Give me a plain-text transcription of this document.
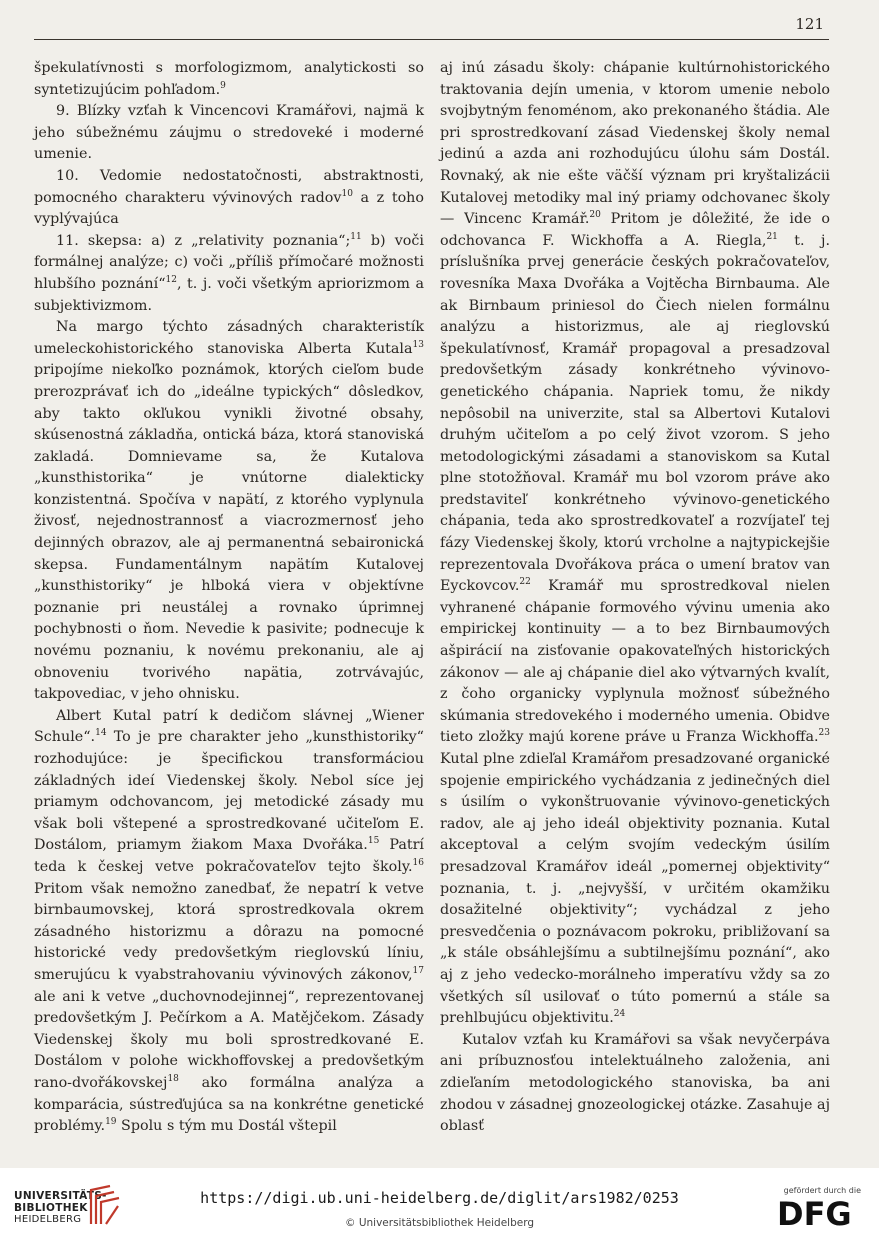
121

špekulatívnosti s morfologizmom, analytickosti so syntetizujúcim pohľadom.$^9$

9. Blízky vzťah k Vincencovi Kramářovi, najmä k jeho súbežnému záujmu o stredoveké i moderné umenie.

10. Vedomie nedostatočnosti, abstraktnosti, pomocného charakteru vývinových radov$^{10}$ a z toho vyplývajúca

11. skepsa: a) z „relativity poznania“;$^{11}$ b) voči formálnej analýze; c) voči „příliš přímočaré možnosti hlubšího poznání“$^{12}$, t. j. voči všetkým apriorizmom a subjektivizmom.

Na margo týchto zásadných charakteristík umeleckohistorického stanoviska Alberta Kutala$^{13}$ pripojíme niekoľko poznámok, ktorých cieľom bude prerozprávať ich do „ideálne typických“ dôsledkov, aby takto okľukou vynikli životné obsahy, skúsenostná základňa, ontická báza, ktorá stanoviská zakladá. Domnievame sa, že Kutalova „kunsthistorika“ je vnútorne dialekticky konzistentná. Spočíva v napätí, z ktorého vyplynula živosť, nejednostrannosť a viacrozmernosť jeho dejinných obrazov, ale aj permanentná sebaironická skepsa. Fundamentálnym napätím Kutalovej „kunsthistoriky“ je hlboká viera v objektívne poznanie pri neustálej a rovnako úprimnej pochybnosti o ňom. Nevedie k pasivite; podnecuje k novému poznaniu, k novému prekonaniu, ale aj obnoveniu tvorivého napätia, zotrvávajúc, takpovediac, v jeho ohnisku.

Albert Kutal patrí k dedičom slávnej „Wiener Schule“.$^{14}$ To je pre charakter jeho „kunsthistoriky“ rozhodujúce: je špecifickou transformáciou základných ideí Viedenskej školy. Nebol síce jej priamym odchovancom, jej metodické zásady mu však boli vštepené a sprostredkované učiteľom E. Dostálom, priamym žiakom Maxa Dvořáka.$^{15}$ Patrí teda k českej vetve pokračovateľov tejto školy.$^{16}$ Pritom však nemožno zanedbať, že nepatrí k vetve birnbaumovskej, ktorá sprostredkovala okrem zásadného historizmu a dôrazu na pomocné historické vedy predovšetkým rieglovskú líniu, smerujúcu k vyabstrahovaniu vývinových zákonov,$^{17}$ ale ani k vetve „duchovnodejinnej“, reprezentovanej predovšetkým J. Pečírkom a A. Matějčekom. Zásady Viedenskej školy mu boli sprostredkované E. Dostálom v polohe wickhoffovskej a predovšetkým rano-dvořákovskej$^{18}$ ako formálna analýza a komparácia, sústreďujúca sa na konkrétne genetické problémy.$^{19}$ Spolu s tým mu Dostál vštepil

aj inú zásadu školy: chápanie kultúrnohistorického traktovania dejín umenia, v ktorom umenie nebolo svojbytným fenoménom, ako prekonaného štádia. Ale pri sprostredkovaní zásad Viedenskej školy nemal jedinú a azda ani rozhodujúcu úlohu sám Dostál. Rovnaký, ak nie ešte väčší význam pri kryštalizácii Kutalovej metodiky mal iný priamy odchovanec školy — Vincenc Kramář.$^{20}$ Pritom je dôležité, že ide o odchovanca F. Wickhoffa a A. Riegla,$^{21}$ t. j. príslušníka prvej generácie českých pokračovateľov, rovesníka Maxa Dvořáka a Vojtěcha Birnbauma. Ale ak Birnbaum priniesol do Čiech nielen formálnu analýzu a historizmus, ale aj rieglovskú špekulatívnosť, Kramář propagoval a presadzoval predovšetkým zásady konkrétneho vývinovo-genetického chápania. Napriek tomu, že nikdy nepôsobil na univerzite, stal sa Albertovi Kutalovi druhým učiteľom a po celý život vzorom. S jeho metodologickými zásadami a stanoviskom sa Kutal plne stotožňoval. Kramář mu bol vzorom práve ako predstaviteľ konkrétneho vývinovo-genetického chápania, teda ako sprostredkovateľ a rozvíjateľ tej fázy Viedenskej školy, ktorú vrcholne a najtypickejšie reprezentovala Dvořákova práca o umení bratov van Eyckovcov.$^{22}$ Kramář mu sprostredkoval nielen vyhranené chápanie formového vývinu umenia ako empirickej kontinuity — a to bez Birnbaumových ašpirácií na zisťovanie opakovateľných historických zákonov — ale aj chápanie diel ako výtvarných kvalít, z čoho organicky vyplynula možnosť súbežného skúmania stredovekého i moderného umenia. Obidve tieto zložky majú korene práve u Franza Wickhoffa.$^{23}$ Kutal plne zdieľal Kramářom presadzované organické spojenie empirického vychádzania z jedinečných diel s úsilím o vykonštruovanie vývinovo-genetických radov, ale aj jeho ideál objektivity poznania. Kutal akceptoval a celým svojím vedeckým úsilím presadzoval Kramářov ideál „pomernej objektivity“ poznania, t. j. „nejvyšší, v určitém okamžiku dosažitelné objektivity“; vychádzal z jeho presvedčenia o poznávacom pokroku, približovaní sa „k stále obsáhlejšímu a subtilnejšímu poznání“, ako aj z jeho vedecko-morálneho imperatívu vždy sa zo všetkých síl usilovať o túto pomernú a stále sa prehlbujúcu objektivitu.$^{24}$

Kutalov vzťah ku Kramářovi sa však nevyčerpáva ani príbuznosťou intelektuálneho založenia, ani zdieľaním metodologického stanoviska, ba ani zhodou v zásadnej gnozeologickej otázke. Zasahuje aj oblasť

UNIVERSITÄTS-
BIBLIOTHEK
HEIDELBERG
https://digi.ub.uni-heidelberg.de/diglit/ars1982/0253
© Universitätsbibliothek Heidelberg
gefördert durch die
DFG
